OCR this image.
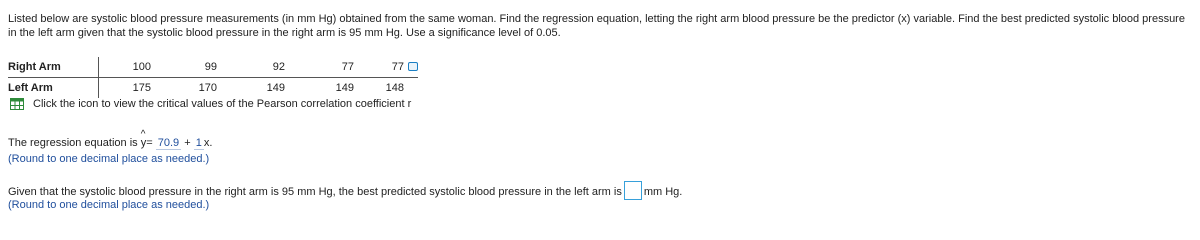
Listed below are systolic blood pressure measurements (in mm Hg) obtained from the same woman. Find the regression equation, letting the right arm blood pressure be the predictor (x) variable. Find the best predicted systolic blood pressure in the left arm given that the systolic blood pressure in the right arm is 95 mm Hg. Use a significance level of 0.05.
Right Arm	100	99	92	77	77
Left Arm	175	170	149	149	148
Click the icon to view the critical values of the Pearson correlation coefficient r
The regression equation is
^
y= 70.9 + 1 x.
(Round to one decimal place as needed.)
Given that the systolic blood pressure in the right arm is 95 mm Hg, the best predicted systolic blood pressure in the left arm is mm Hg.
(Round to one decimal place as needed.)
